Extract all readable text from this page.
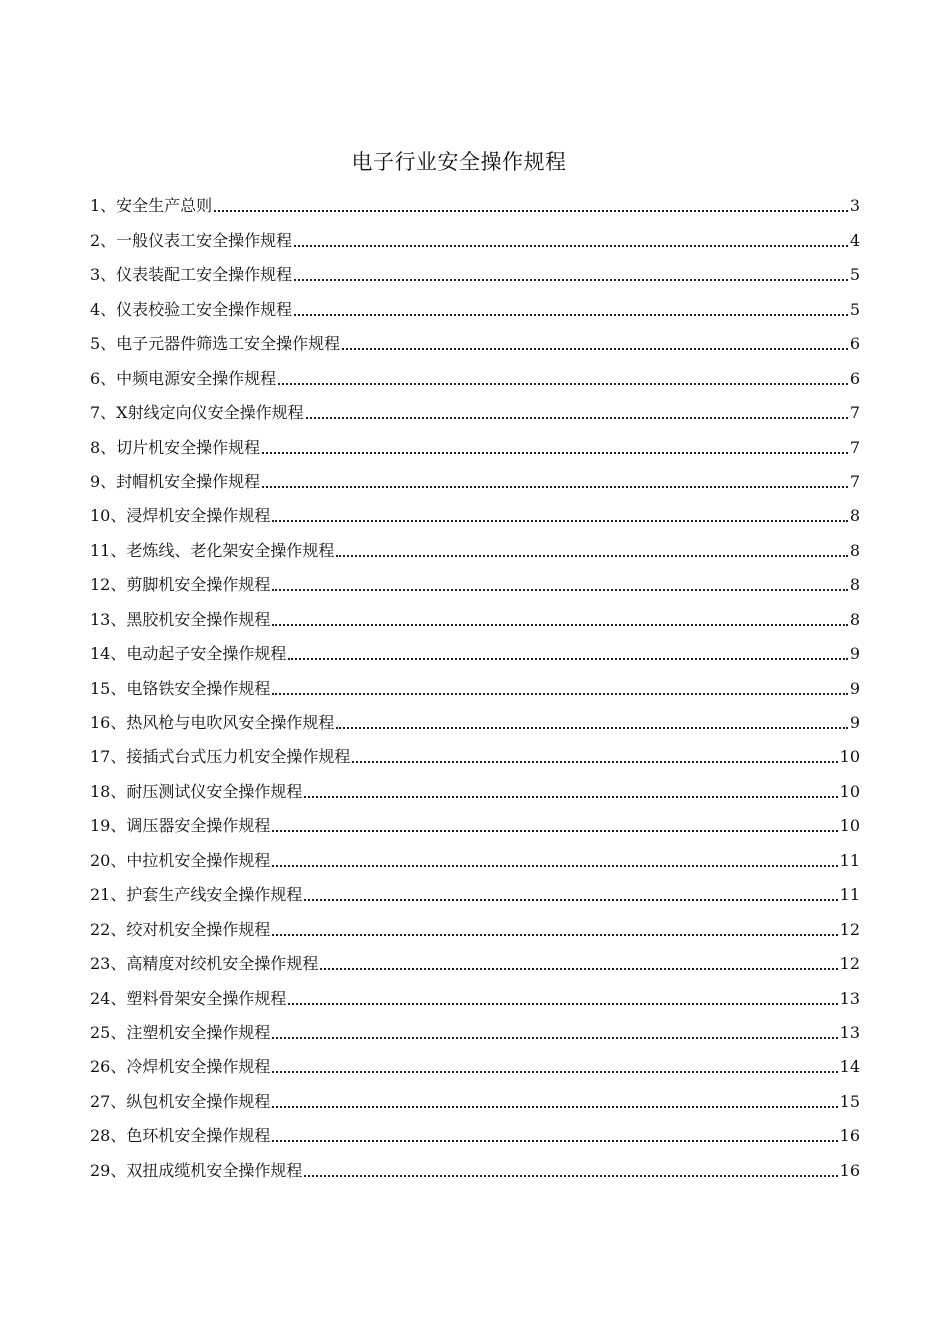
电子行业安全操作规程
1、安全生产总则	3
2、一般仪表工安全操作规程	4
3、仪表装配工安全操作规程	5
4、仪表校验工安全操作规程	5
5、电子元器件筛选工安全操作规程	6
6、中频电源安全操作规程	6
7、X射线定向仪安全操作规程	7
8、切片机安全操作规程	7
9、封帽机安全操作规程	7
10、浸焊机安全操作规程	8
11、老炼线、老化架安全操作规程	8
12、剪脚机安全操作规程	8
13、黑胶机安全操作规程	8
14、电动起子安全操作规程	9
15、电铬铁安全操作规程	9
16、热风枪与电吹风安全操作规程	9
17、接插式台式压力机安全操作规程	10
18、耐压测试仪安全操作规程	10
19、调压器安全操作规程	10
20、中拉机安全操作规程	11
21、护套生产线安全操作规程	11
22、绞对机安全操作规程	12
23、高精度对绞机安全操作规程	12
24、塑料骨架安全操作规程	13
25、注塑机安全操作规程	13
26、冷焊机安全操作规程	14
27、纵包机安全操作规程	15
28、色环机安全操作规程	16
29、双扭成缆机安全操作规程	16
